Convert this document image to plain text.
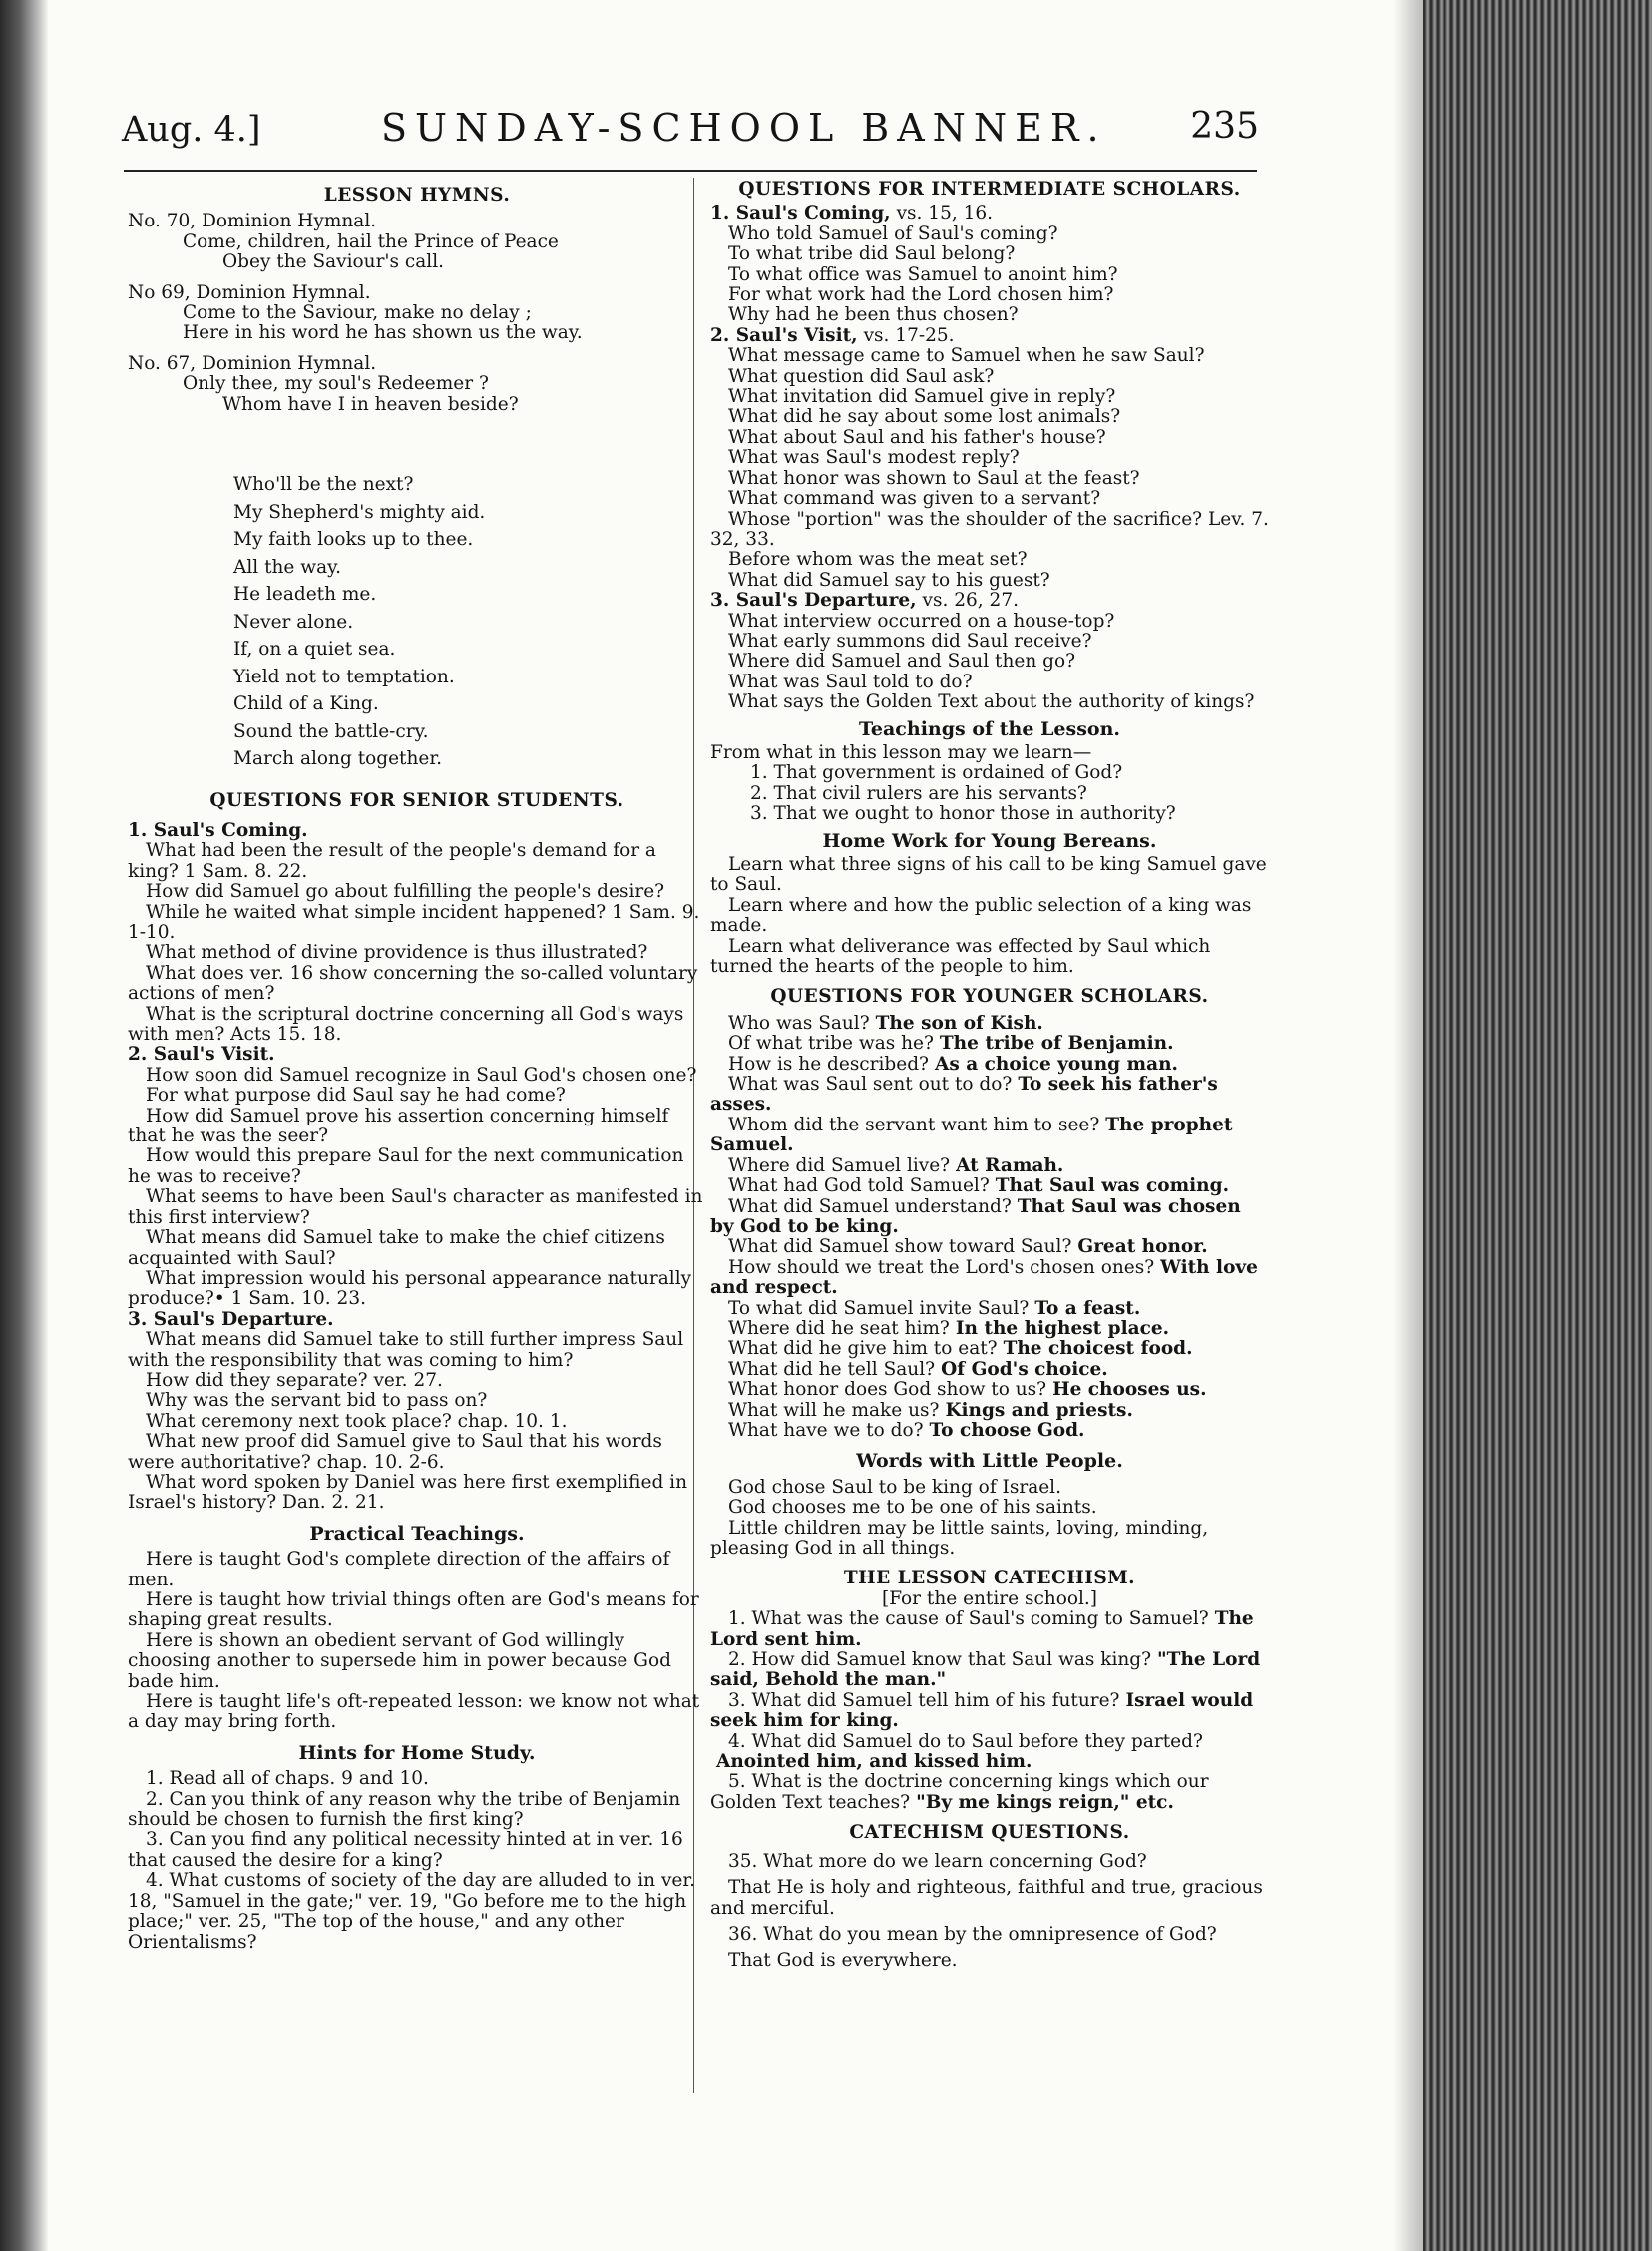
Aug. 4.]	SUNDAY-SCHOOL BANNER. 235
LESSON HYMNS.
No. 70, Dominion Hymnal.
Come, children, hail the Prince of Peace
Obey the Saviour's call.
No 69, Dominion Hymnal.
Come to the Saviour, make no delay ;
Here in his word he has shown us the way.
No. 67, Dominion Hymnal.
Only thee, my soul's Redeemer ?
Whom have I in heaven beside?
Who'll be the next?
My Shepherd's mighty aid.
My faith looks up to thee.
All the way.
He leadeth me.
Never alone.
If, on a quiet sea.
Yield not to temptation.
Child of a King.
Sound the battle-cry.
March along together.
QUESTIONS FOR SENIOR STUDENTS.
1. Saul's Coming.
What had been the result of the people's demand for a king? 1 Sam. 8. 22.
How did Samuel go about fulfilling the people's desire?
While he waited what simple incident happened? 1 Sam. 9. 1-10.
What method of divine providence is thus illustrated?
What does ver. 16 show concerning the so-called voluntary actions of men?
What is the scriptural doctrine concerning all God's ways with men? Acts 15. 18.
2. Saul's Visit.
How soon did Samuel recognize in Saul God's chosen one?
For what purpose did Saul say he had come?
How did Samuel prove his assertion concerning himself that he was the seer?
How would this prepare Saul for the next communication he was to receive?
What seems to have been Saul's character as manifested in this first interview?
What means did Samuel take to make the chief citizens acquainted with Saul?
What impression would his personal appearance naturally produce?• 1 Sam. 10. 23.
3. Saul's Departure.
What means did Samuel take to still further impress Saul with the responsibility that was coming to him?
How did they separate? ver. 27.
Why was the servant bid to pass on?
What ceremony next took place? chap. 10. 1.
What new proof did Samuel give to Saul that his words were authoritative? chap. 10. 2-6.
What word spoken by Daniel was here first exemplified in Israel's history? Dan. 2. 21.
Practical Teachings.
Here is taught God's complete direction of the affairs of men.
Here is taught how trivial things often are God's means for shaping great results.
Here is shown an obedient servant of God willingly choosing another to supersede him in power because God bade him.
Here is taught life's oft-repeated lesson: we know not what a day may bring forth.
Hints for Home Study.
1. Read all of chaps. 9 and 10.
2. Can you think of any reason why the tribe of Benjamin should be chosen to furnish the first king?
3. Can you find any political necessity hinted at in ver. 16 that caused the desire for a king?
4. What customs of society of the day are alluded to in ver. 18, "Samuel in the gate;" ver. 19, "Go before me to the high place;" ver. 25, "The top of the house," and any other Orientalisms?
QUESTIONS FOR INTERMEDIATE SCHOLARS.
1. Saul's Coming, vs. 15, 16.
Who told Samuel of Saul's coming?
To what tribe did Saul belong?
To what office was Samuel to anoint him?
For what work had the Lord chosen him?
Why had he been thus chosen?
2. Saul's Visit, vs. 17-25.
What message came to Samuel when he saw Saul?
What question did Saul ask?
What invitation did Samuel give in reply?
What did he say about some lost animals?
What about Saul and his father's house?
What was Saul's modest reply?
What honor was shown to Saul at the feast?
What command was given to a servant?
Whose "portion" was the shoulder of the sacrifice? Lev. 7. 32, 33.
Before whom was the meat set?
What did Samuel say to his guest?
3. Saul's Departure, vs. 26, 27.
What interview occurred on a house-top?
What early summons did Saul receive?
Where did Samuel and Saul then go?
What was Saul told to do?
What says the Golden Text about the authority of kings?
Teachings of the Lesson.
From what in this lesson may we learn—
1. That government is ordained of God?
2. That civil rulers are his servants?
3. That we ought to honor those in authority?
Home Work for Young Bereans.
Learn what three signs of his call to be king Samuel gave to Saul.
Learn where and how the public selection of a king was made.
Learn what deliverance was effected by Saul which turned the hearts of the people to him.
QUESTIONS FOR YOUNGER SCHOLARS.
Who was Saul? The son of Kish.
Of what tribe was he? The tribe of Benjamin.
How is he described? As a choice young man.
What was Saul sent out to do? To seek his father's asses.
Whom did the servant want him to see? The prophet Samuel.
Where did Samuel live? At Ramah.
What had God told Samuel? That Saul was coming.
What did Samuel understand? That Saul was chosen by God to be king.
What did Samuel show toward Saul? Great honor.
How should we treat the Lord's chosen ones? With love and respect.
To what did Samuel invite Saul? To a feast.
Where did he seat him? In the highest place.
What did he give him to eat? The choicest food.
What did he tell Saul? Of God's choice.
What honor does God show to us? He chooses us.
What will he make us? Kings and priests.
What have we to do? To choose God.
Words with Little People.
God chose Saul to be king of Israel.
God chooses me to be one of his saints.
Little children may be little saints, loving, minding, pleasing God in all things.
THE LESSON CATECHISM.
[For the entire school.]
1. What was the cause of Saul's coming to Samuel? The Lord sent him.
2. How did Samuel know that Saul was king? "The Lord said, Behold the man."
3. What did Samuel tell him of his future? Israel would seek him for king.
4. What did Samuel do to Saul before they parted?Anointed him, and kissed him.
5. What is the doctrine concerning kings which our Golden Text teaches? "By me kings reign," etc.
CATECHISM QUESTIONS.
35. What more do we learn concerning God?
That He is holy and righteous, faithful and true, gracious and merciful.
36. What do you mean by the omnipresence of God?
That God is everywhere.
